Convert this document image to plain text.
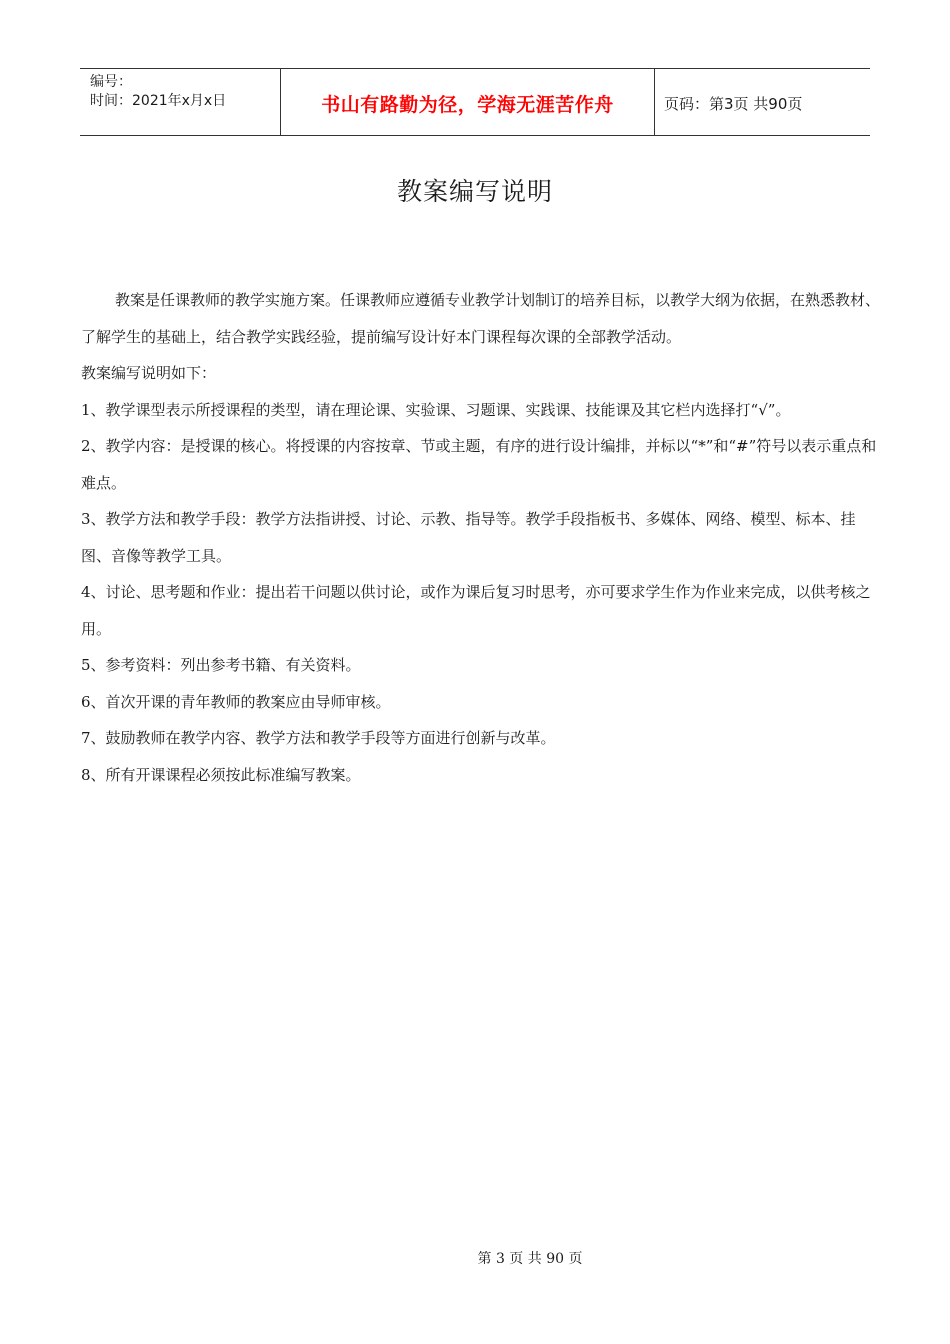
编号：
时间：2021年x月x日	书山有路勤为径，学海无涯苦作舟	页码：第3页 共90页
教案编写说明

教案是任课教师的教学实施方案。任课教师应遵循专业教学计划制订的培养目标，以教学大纲为依据，在熟悉教材、了解学生的基础上，结合教学实践经验，提前编写设计好本门课程每次课的全部教学活动。

教案编写说明如下：

1、教学课型表示所授课程的类型，请在理论课、实验课、习题课、实践课、技能课及其它栏内选择打“√”。

2、教学内容：是授课的核心。将授课的内容按章、节或主题，有序的进行设计编排，并标以“*”和“#”符号以表示重点和难点。

3、教学方法和教学手段：教学方法指讲授、讨论、示教、指导等。教学手段指板书、多媒体、网络、模型、标本、挂图、音像等教学工具。

4、讨论、思考题和作业：提出若干问题以供讨论，或作为课后复习时思考，亦可要求学生作为作业来完成，以供考核之用。

5、参考资料：列出参考书籍、有关资料。

6、首次开课的青年教师的教案应由导师审核。

7、鼓励教师在教学内容、教学方法和教学手段等方面进行创新与改革。

8、所有开课课程必须按此标准编写教案。

第 3 页 共 90 页
